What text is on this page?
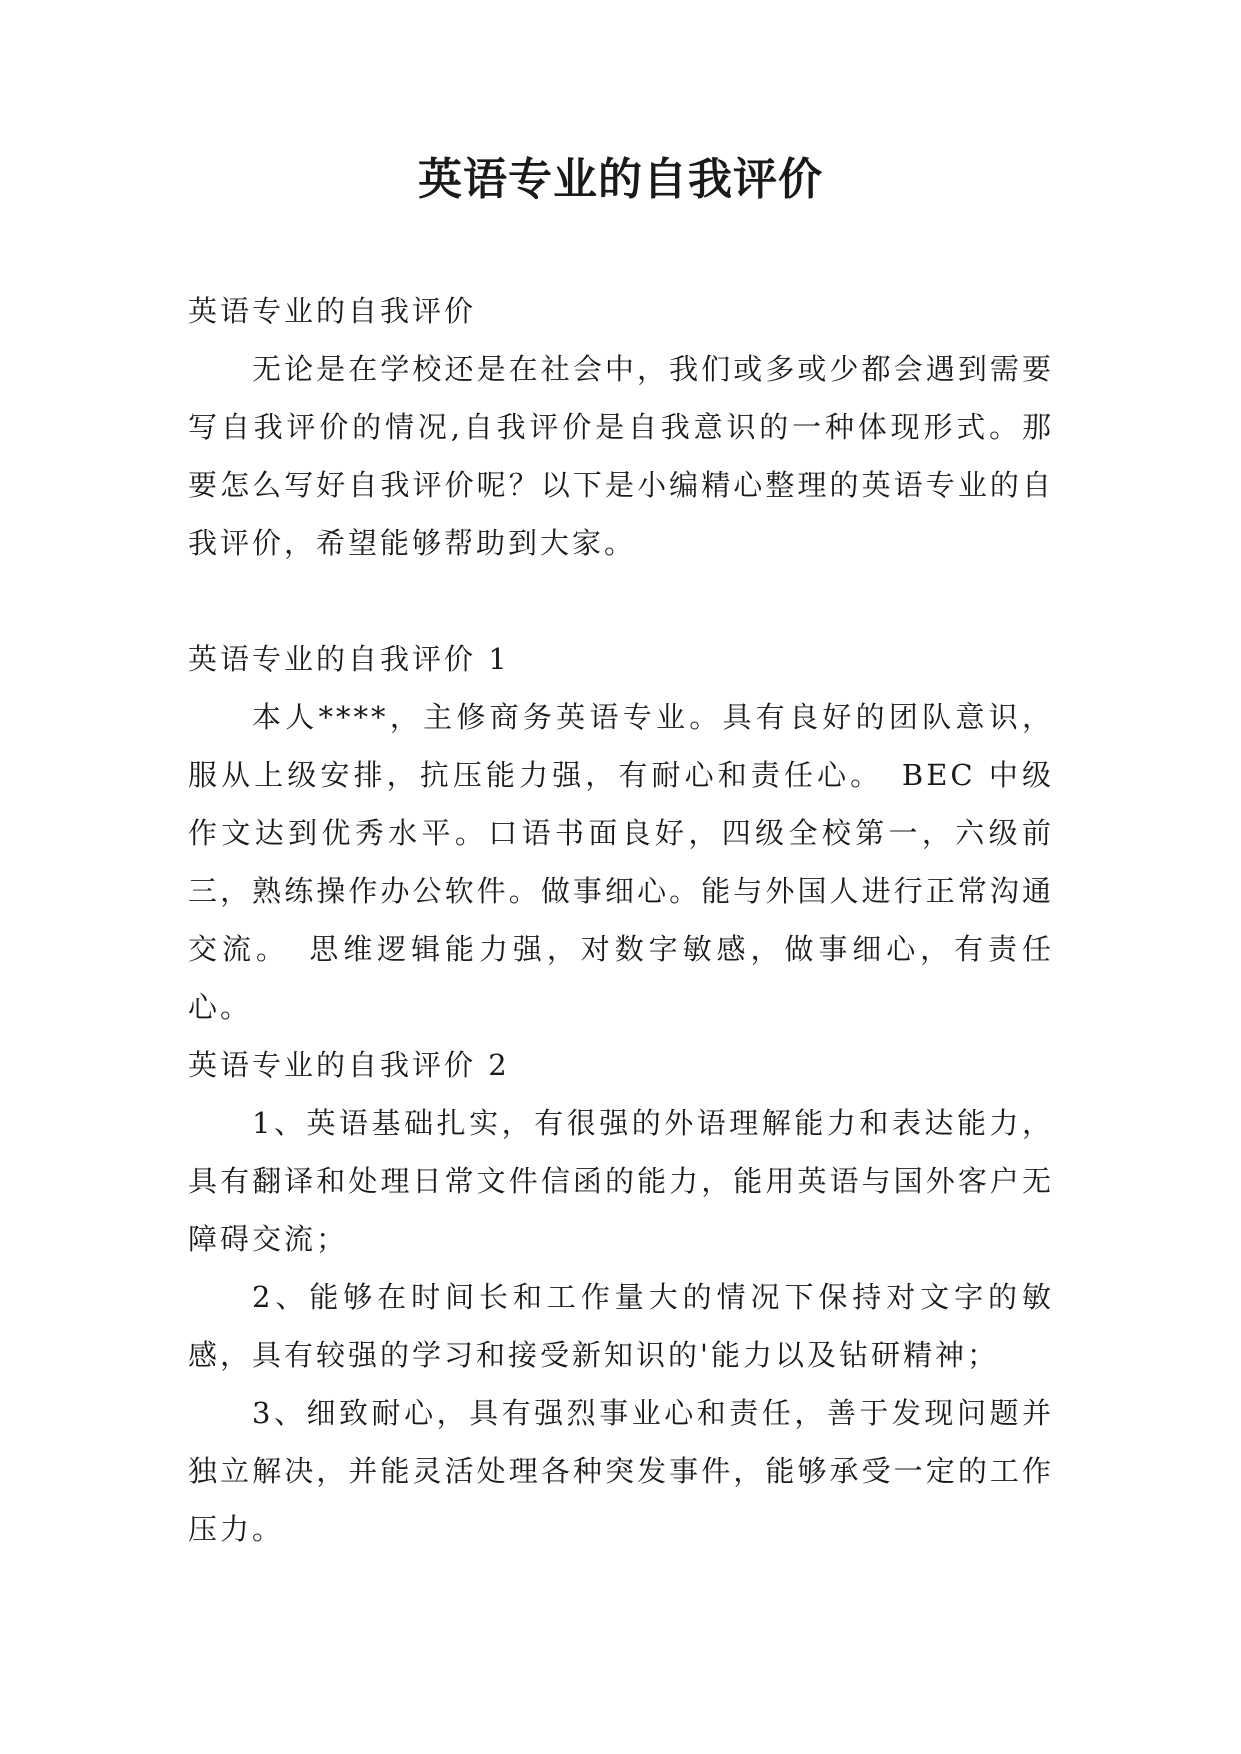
英语专业的自我评价

英语专业的自我评价

无论是在学校还是在社会中，我们或多或少都会遇到需要写自我评价的情况,自我评价是自我意识的一种体现形式。那要怎么写好自我评价呢？以下是小编精心整理的英语专业的自我评价，希望能够帮助到大家。

英语专业的自我评价 1

本人****，主修商务英语专业。具有良好的团队意识，服从上级安排，抗压能力强，有耐心和责任心。　BEC 中级作文达到优秀水平。口语书面良好，四级全校第一，六级前三，熟练操作办公软件。做事细心。能与外国人进行正常沟通交流。　思维逻辑能力强，对数字敏感，做事细心，有责任心。

英语专业的自我评价 2

1、英语基础扎实，有很强的外语理解能力和表达能力，具有翻译和处理日常文件信函的能力，能用英语与国外客户无障碍交流；

2、能够在时间长和工作量大的情况下保持对文字的敏感，具有较强的学习和接受新知识的'能力以及钻研精神；

3、细致耐心，具有强烈事业心和责任，善于发现问题并独立解决，并能灵活处理各种突发事件，能够承受一定的工作压力。
